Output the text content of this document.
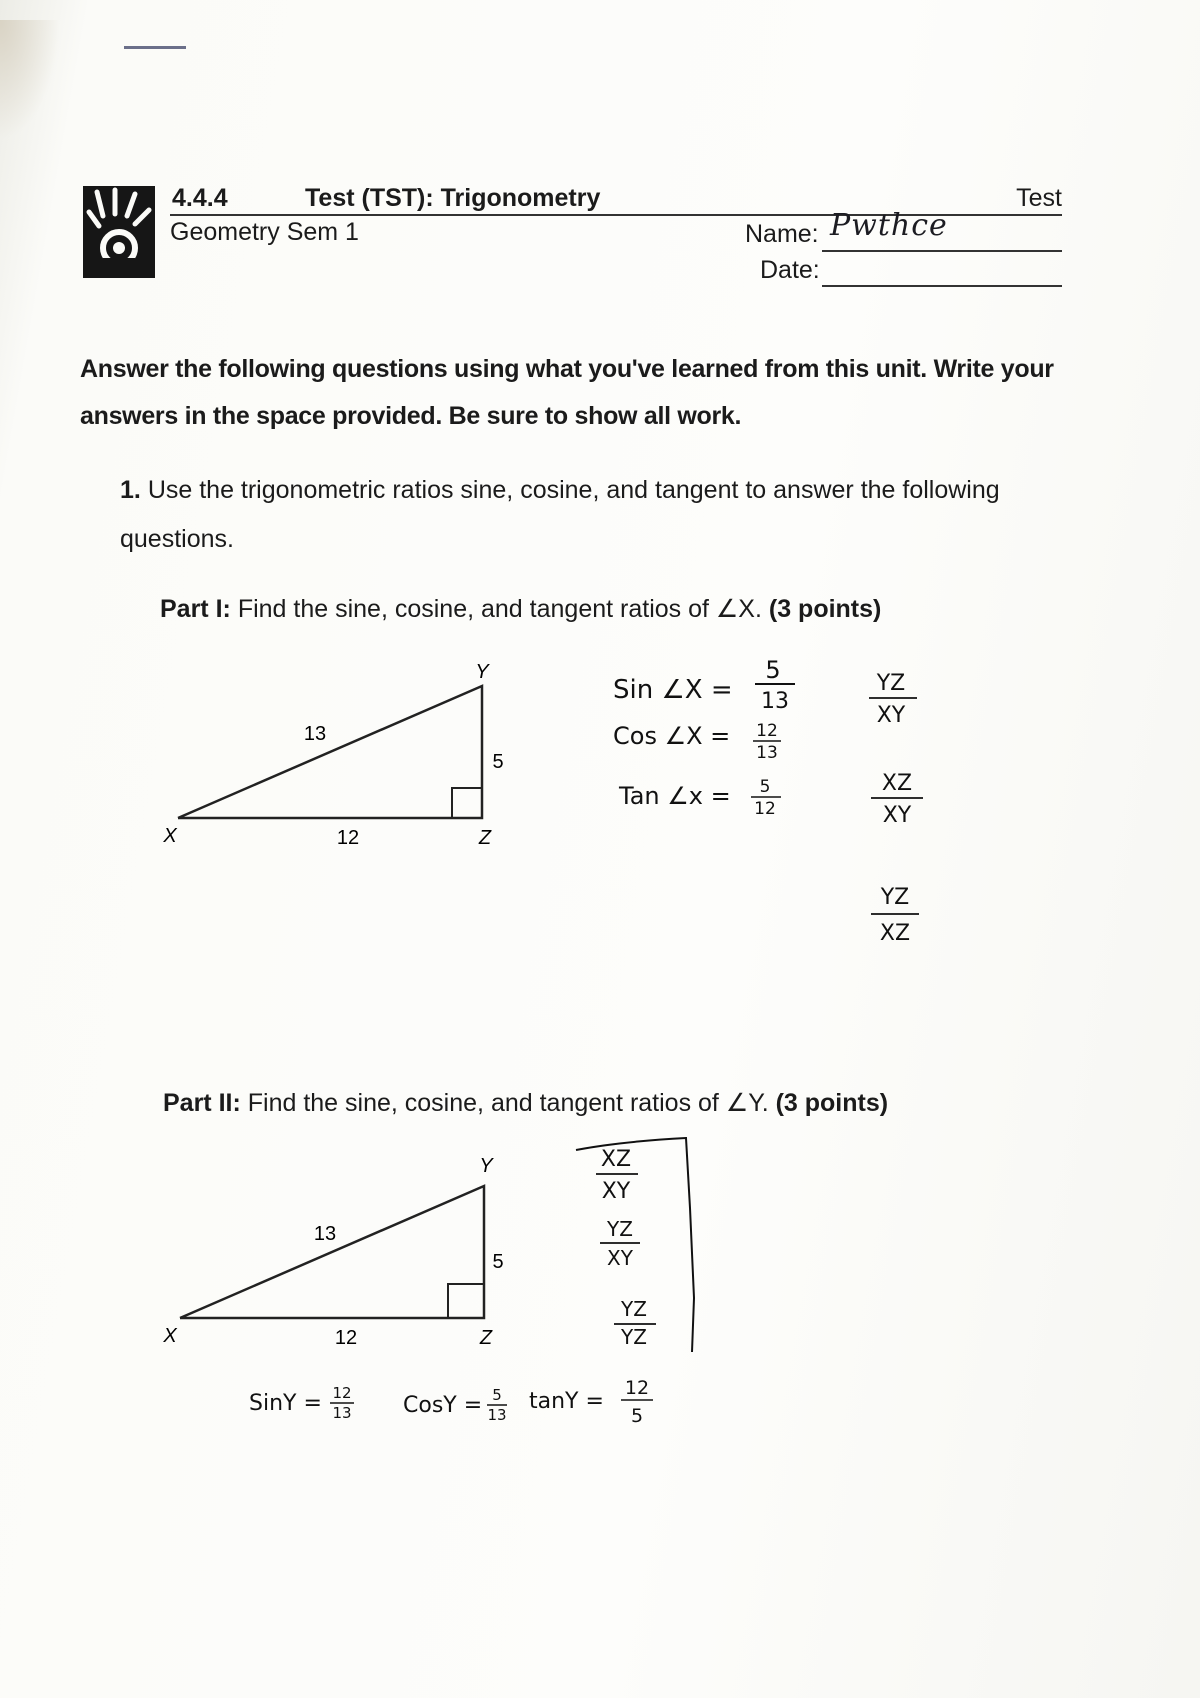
4.4.4	Test (TST): Trigonometry	Test
Geometry Sem 1	Name: Pwthce
Date:
Answer the following questions using what you've learned from this unit. Write your answers in the space provided. Be sure to show all work.
1. Use the trigonometric ratios sine, cosine, and tangent to answer the following questions.
Part I: Find the sine, cosine, and tangent ratios of ∠X. (3 points)
Y
X	Z
13
12
5
Sin ∠X =
5
13
Cos ∠X = 12
13
Tan ∠x = 5
12
YZ
XY
XZ
XY
YZ
XZ
Part II: Find the sine, cosine, and tangent ratios of ∠Y. (3 points)
Y
X	Z
13
12
5
XZ
XY
YZ
XY
YZ
YZ
SinY = 12
13 CosY = 5
13
tanY =
12
5
